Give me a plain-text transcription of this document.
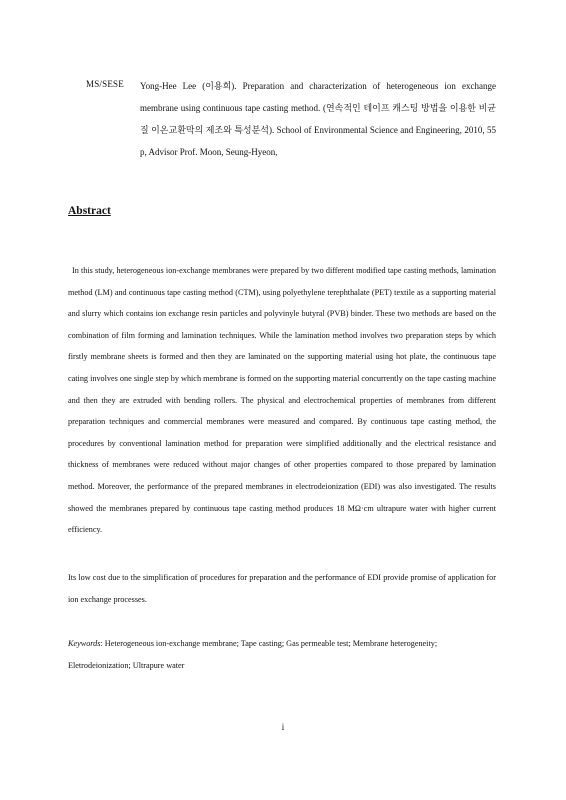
MS/SESE Yong-Hee Lee (이용희). Preparation and characterization of heterogeneous ion exchange membrane using continuous tape casting method. (연속적인 테이프 캐스팅 방법을 이용한 비균질 이온교환막의 제조와 특성분석). School of Environmental Science and Engineering, 2010, 55 p, Advisor Prof. Moon, Seung-Hyeon,
Abstract

In this study, heterogeneous ion-exchange membranes were prepared by two different modified tape casting methods, lamination method (LM) and continuous tape casting method (CTM), using polyethylene terephthalate (PET) textile as a supporting material and slurry which contains ion exchange resin particles and polyvinyle butyral (PVB) binder. These two methods are based on the combination of film forming and lamination techniques. While the lamination method involves two preparation steps by which firstly membrane sheets is formed and then they are laminated on the supporting material using hot plate, the continuous tape cating involves one single step by which membrane is formed on the supporting material concurrently on the tape casting machine and then they are extruded with bending rollers. The physical and electrochemical properties of membranes from different preparation techniques and commercial membranes were measured and compared. By continuous tape casting method, the procedures by conventional lamination method for preparation were simplified additionally and the electrical resistance and thickness of membranes were reduced without major changes of other properties compared to those prepared by lamination method. Moreover, the performance of the prepared membranes in electrodeionization (EDI) was also investigated. The results showed the membranes prepared by continuous tape casting method produces 18 MΩ·cm ultrapure water with higher current efficiency.

Its low cost due to the simplification of procedures for preparation and the performance of EDI provide promise of application for ion exchange processes.

Keywords: Heterogeneous ion-exchange membrane; Tape casting; Gas permeable test; Membrane heterogeneity; Eletrodeionization; Ultrapure water

i
